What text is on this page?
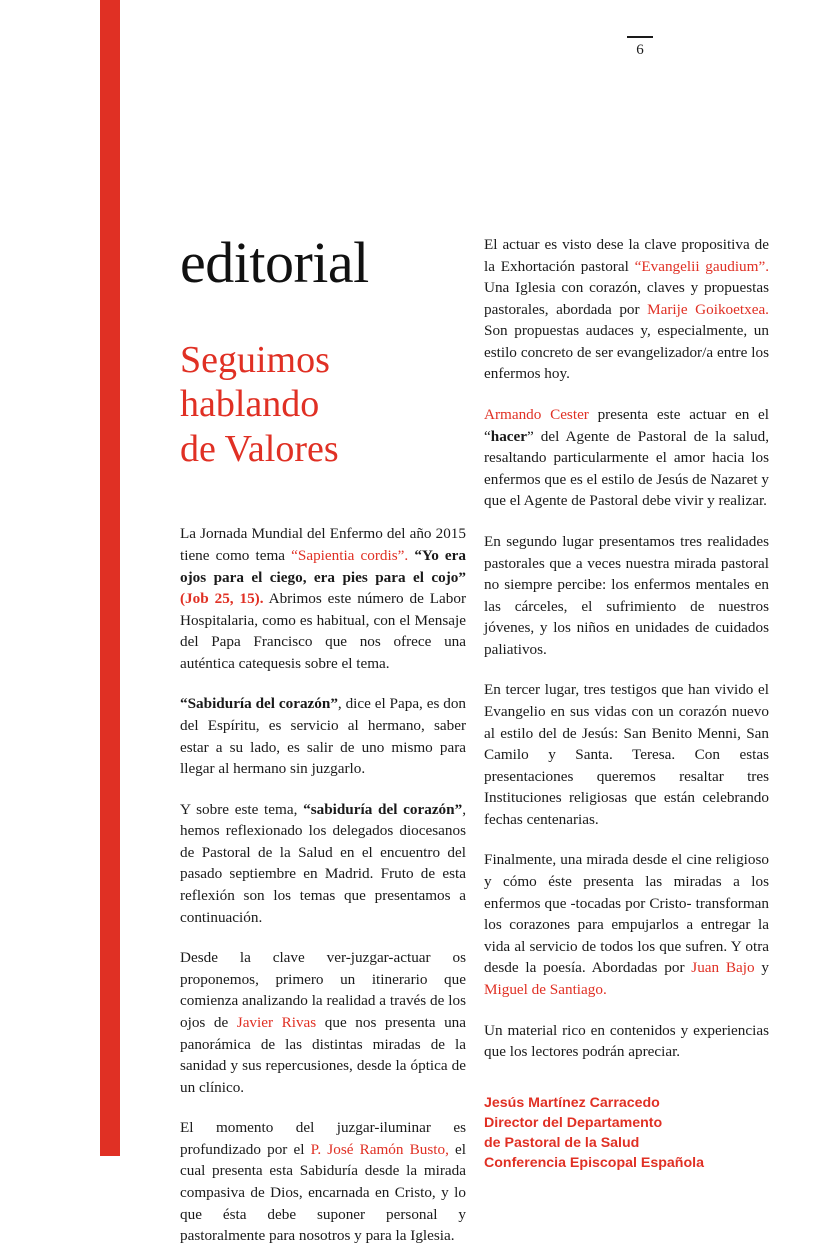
6
editorial
Seguimos
hablando
de Valores

La Jornada Mundial del Enfermo del año 2015 tiene como tema “Sapientia cordis”. “Yo era ojos para el ciego, era pies para el cojo” (Job 25, 15). Abrimos este número de Labor Hospitalaria, como es habitual, con el Mensaje del Papa Francisco que nos ofrece una auténtica catequesis sobre el tema.

“Sabiduría del corazón”, dice el Papa, es don del Espíritu, es servicio al hermano, saber estar a su lado, es salir de uno mismo para llegar al hermano sin juzgarlo.

Y sobre este tema, “sabiduría del corazón”, hemos reflexionado los delegados diocesanos de Pastoral de la Salud en el encuentro del pasado septiembre en Madrid. Fruto de esta reflexión son los temas que presentamos a continuación.

Desde la clave ver-juzgar-actuar os proponemos, primero un itinerario que comienza analizando la realidad a través de los ojos de Javier Rivas que nos presenta una panorámica de las distintas miradas de la sanidad y sus repercusiones, desde la óptica de un clínico.

El momento del juzgar-iluminar es profundizado por el P. José Ramón Busto, el cual presenta esta Sabiduría desde la mirada compasiva de Dios, encarnada en Cristo, y lo que ésta debe suponer personal y pastoralmente para nosotros y para la Iglesia.

El actuar es visto dese la clave propositiva de la Exhortación pastoral “Evangelii gaudium”. Una Iglesia con corazón, claves y propuestas pastorales, abordada por Marije Goikoetxea. Son propuestas audaces y, especialmente, un estilo concreto de ser evangelizador/a entre los enfermos hoy.

Armando Cester presenta este actuar en el “hacer” del Agente de Pastoral de la salud, resaltando particularmente el amor hacia los enfermos que es el estilo de Jesús de Nazaret y que el Agente de Pastoral debe vivir y realizar.

En segundo lugar presentamos tres realidades pastorales que a veces nuestra mirada pastoral no siempre percibe: los enfermos mentales en las cárceles, el sufrimiento de nuestros jóvenes, y los niños en unidades de cuidados paliativos.

En tercer lugar, tres testigos que han vivido el Evangelio en sus vidas con un corazón nuevo al estilo del de Jesús: San Benito Menni, San Camilo y Santa. Teresa. Con estas presentaciones queremos resaltar tres Instituciones religiosas que están celebrando fechas centenarias.

Finalmente, una mirada desde el cine religioso y cómo éste presenta las miradas a los enfermos que -tocadas por Cristo- transforman los corazones para empujarlos a entregar la vida al servicio de todos los que sufren. Y otra desde la poesía. Abordadas por Juan Bajo y Miguel de Santiago.

Un material rico en contenidos y experiencias que los lectores podrán apreciar.

Jesús Martínez Carracedo
Director del Departamento
de Pastoral de la Salud
Conferencia Episcopal Española
